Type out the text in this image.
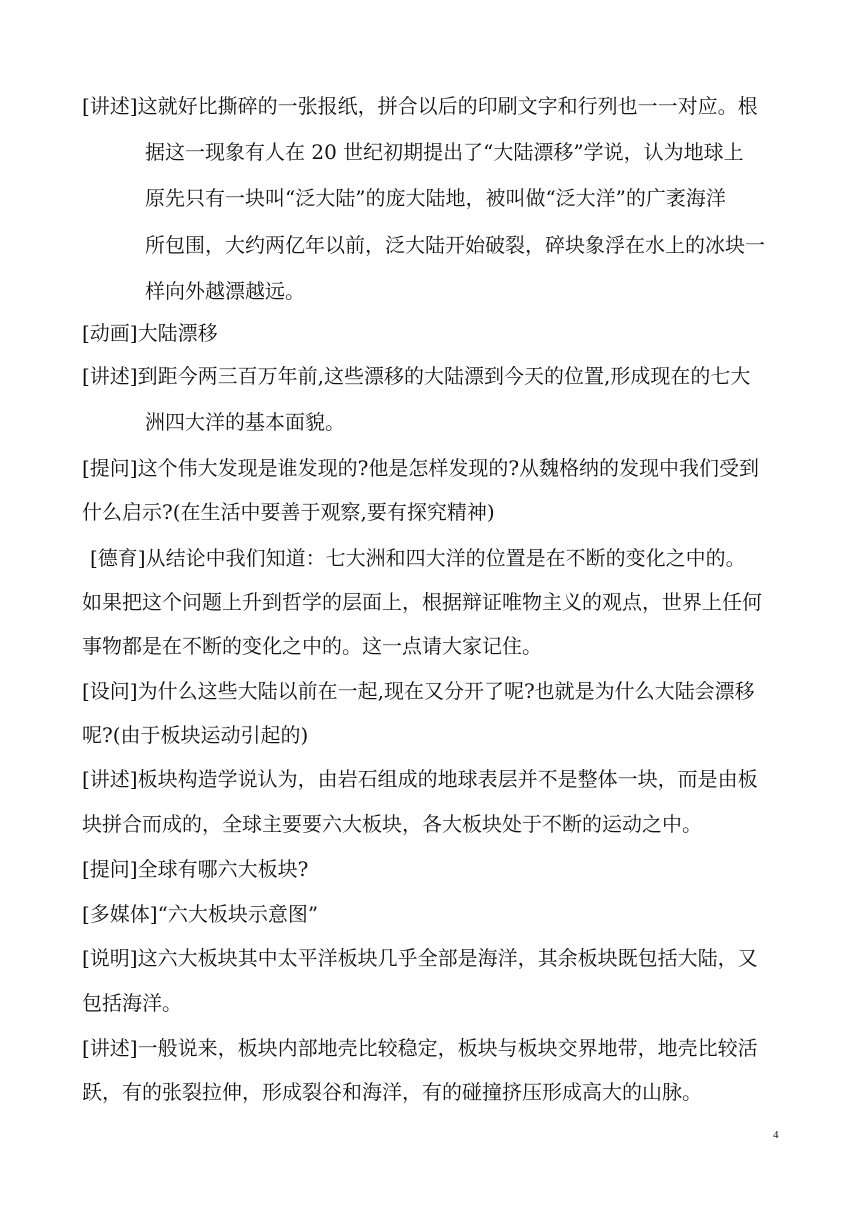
[讲述]这就好比撕碎的一张报纸，拼合以后的印刷文字和行列也一一对应。根
据这一现象有人在 20 世纪初期提出了“大陆漂移”学说，认为地球上
原先只有一块叫“泛大陆”的庞大陆地，被叫做“泛大洋”的广袤海洋
所包围，大约两亿年以前，泛大陆开始破裂，碎块象浮在水上的冰块一
样向外越漂越远。
[动画]大陆漂移
[讲述]到距今两三百万年前,这些漂移的大陆漂到今天的位置,形成现在的七大
洲四大洋的基本面貌。
[提问]这个伟大发现是谁发现的?他是怎样发现的?从魏格纳的发现中我们受到
什么启示?(在生活中要善于观察,要有探究精神)
[德育]从结论中我们知道：七大洲和四大洋的位置是在不断的变化之中的。
如果把这个问题上升到哲学的层面上，根据辩证唯物主义的观点，世界上任何
事物都是在不断的变化之中的。这一点请大家记住。
[设问]为什么这些大陆以前在一起,现在又分开了呢?也就是为什么大陆会漂移
呢?(由于板块运动引起的)
[讲述]板块构造学说认为，由岩石组成的地球表层并不是整体一块，而是由板
块拼合而成的，全球主要要六大板块，各大板块处于不断的运动之中。
[提问]全球有哪六大板块?
[多媒体]“六大板块示意图”
[说明]这六大板块其中太平洋板块几乎全部是海洋，其余板块既包括大陆，又
包括海洋。
[讲述]一般说来，板块内部地壳比较稳定，板块与板块交界地带，地壳比较活
跃，有的张裂拉伸，形成裂谷和海洋，有的碰撞挤压形成高大的山脉。
4
